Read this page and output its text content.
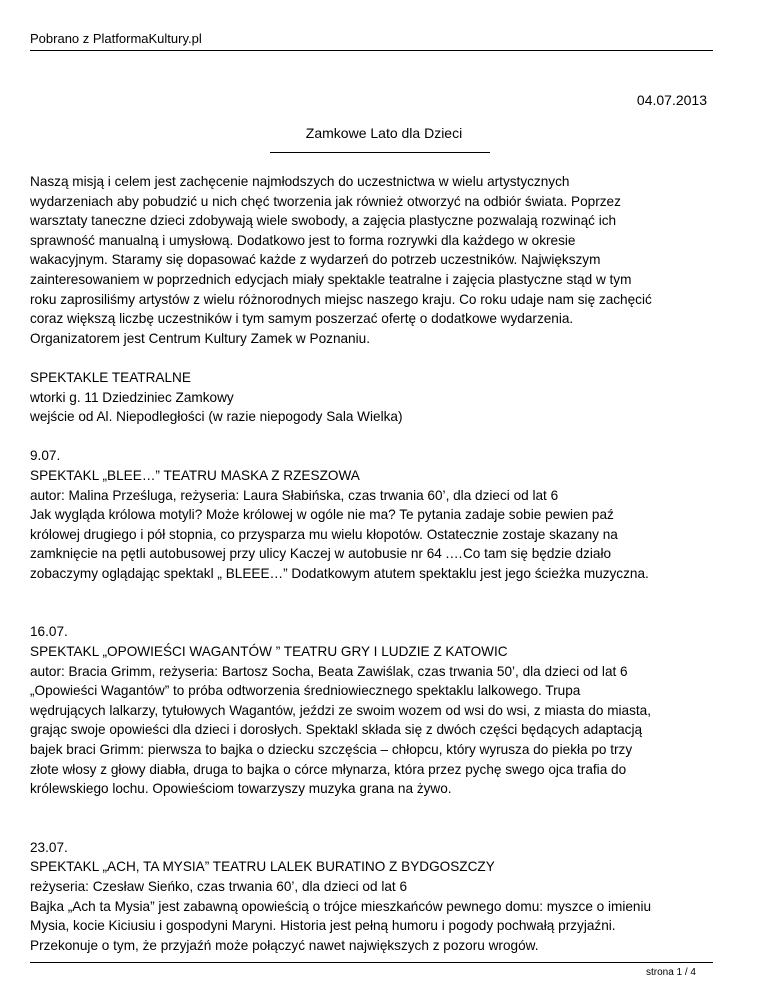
Pobrano z PlatformaKultury.pl
04.07.2013
Zamkowe Lato dla Dzieci

Naszą misją i celem jest zachęcenie najmłodszych do uczestnictwa w wielu artystycznych

wydarzeniach aby pobudzić u nich chęć tworzenia jak również otworzyć na odbiór świata. Poprzez

warsztaty taneczne dzieci zdobywają wiele swobody, a zajęcia plastyczne pozwalają rozwinąć ich

sprawność manualną i umysłową. Dodatkowo jest to forma rozrywki dla każdego w okresie

wakacyjnym. Staramy się dopasować każde z wydarzeń do potrzeb uczestników. Największym

zainteresowaniem w poprzednich edycjach miały spektakle teatralne i zajęcia plastyczne stąd w tym

roku zaprosiliśmy artystów z wielu różnorodnych miejsc naszego kraju. Co roku udaje nam się zachęcić

coraz większą liczbę uczestników i tym samym poszerzać ofertę o dodatkowe wydarzenia.

Organizatorem jest Centrum Kultury Zamek w Poznaniu.

SPEKTAKLE TEATRALNE

wtorki g. 11 Dziedziniec Zamkowy

wejście od Al. Niepodległości (w razie niepogody Sala Wielka)

9.07.

SPEKTAKL „BLEE…” TEATRU MASKA Z RZESZOWA

autor: Malina Prześluga, reżyseria: Laura Słabińska, czas trwania 60’, dla dzieci od lat 6

Jak wygląda królowa motyli? Może królowej w ogóle nie ma? Te pytania zadaje sobie pewien paź

królowej drugiego i pół stopnia, co przysparza mu wielu kłopotów. Ostatecznie zostaje skazany na

zamknięcie na pętli autobusowej przy ulicy Kaczej w autobusie nr 64 .…Co tam się będzie działo

zobaczymy oglądając spektakl „ BLEEE…” Dodatkowym atutem spektaklu jest jego ścieżka muzyczna.

16.07.

SPEKTAKL „OPOWIEŚCI WAGANTÓW ” TEATRU GRY I LUDZIE Z KATOWIC

autor: Bracia Grimm, reżyseria: Bartosz Socha, Beata Zawiślak, czas trwania 50’, dla dzieci od lat 6

„Opowieści Wagantów” to próba odtworzenia średniowiecznego spektaklu lalkowego. Trupa

wędrujących lalkarzy, tytułowych Wagantów, jeździ ze swoim wozem od wsi do wsi, z miasta do miasta,

grając swoje opowieści dla dzieci i dorosłych. Spektakl składa się z dwóch części będących adaptacją

bajek braci Grimm: pierwsza to bajka o dziecku szczęścia – chłopcu, który wyrusza do piekła po trzy

złote włosy z głowy diabła, druga to bajka o córce młynarza, która przez pychę swego ojca trafia do

królewskiego lochu. Opowieściom towarzyszy muzyka grana na żywo.

23.07.

SPEKTAKL „ACH, TA MYSIA” TEATRU LALEK BURATINO Z BYDGOSZCZY

reżyseria: Czesław Sieńko, czas trwania 60’, dla dzieci od lat 6

Bajka „Ach ta Mysia” jest zabawną opowieścią o trójce mieszkańców pewnego domu: myszce o imieniu

Mysia, kocie Kiciusiu i gospodyni Maryni. Historia jest pełną humoru i pogody pochwałą przyjaźni.

Przekonuje o tym, że przyjaźń może połączyć nawet największych z pozoru wrogów.

strona 1 / 4
